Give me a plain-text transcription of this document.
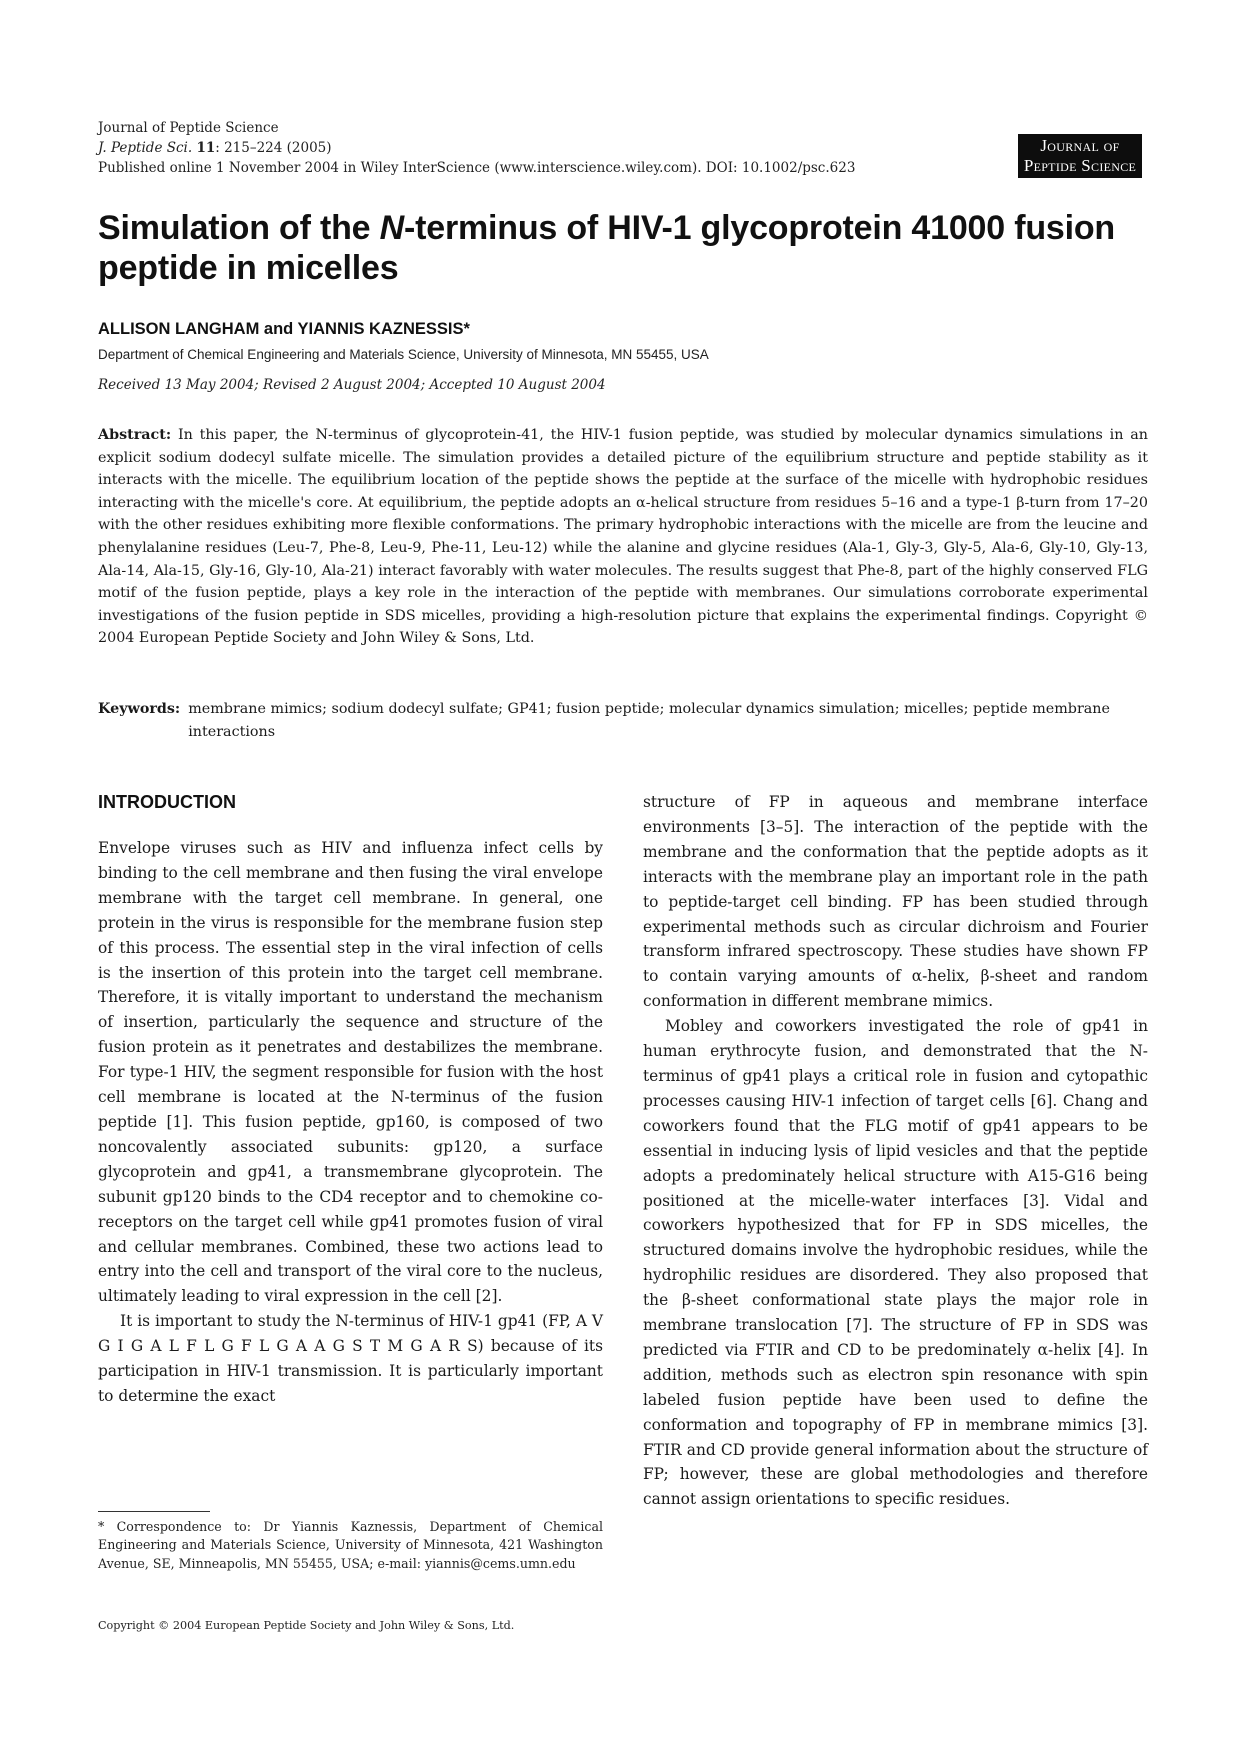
Journal of Peptide Science
J. Peptide Sci. 11: 215–224 (2005)
Published online 1 November 2004 in Wiley InterScience (www.interscience.wiley.com). DOI: 10.1002/psc.623
Journal of
Peptide Science
Simulation of the N-terminus of HIV-1 glycoprotein 41000 fusion peptide in micelles
ALLISON LANGHAM and YIANNIS KAZNESSIS*
Department of Chemical Engineering and Materials Science, University of Minnesota, MN 55455, USA
Received 13 May 2004; Revised 2 August 2004; Accepted 10 August 2004
Abstract: In this paper, the N-terminus of glycoprotein-41, the HIV-1 fusion peptide, was studied by molecular dynamics simulations in an explicit sodium dodecyl sulfate micelle. The simulation provides a detailed picture of the equilibrium structure and peptide stability as it interacts with the micelle. The equilibrium location of the peptide shows the peptide at the surface of the micelle with hydrophobic residues interacting with the micelle's core. At equilibrium, the peptide adopts an α-helical structure from residues 5–16 and a type-1 β-turn from 17–20 with the other residues exhibiting more flexible conformations. The primary hydrophobic interactions with the micelle are from the leucine and phenylalanine residues (Leu-7, Phe-8, Leu-9, Phe-11, Leu-12) while the alanine and glycine residues (Ala-1, Gly-3, Gly-5, Ala-6, Gly-10, Gly-13, Ala-14, Ala-15, Gly-16, Gly-10, Ala-21) interact favorably with water molecules. The results suggest that Phe-8, part of the highly conserved FLG motif of the fusion peptide, plays a key role in the interaction of the peptide with membranes. Our simulations corroborate experimental investigations of the fusion peptide in SDS micelles, providing a high-resolution picture that explains the experimental findings. Copyright © 2004 European Peptide Society and John Wiley & Sons, Ltd.
Keywords: membrane mimics; sodium dodecyl sulfate; GP41; fusion peptide; molecular dynamics simulation; micelles; peptide membrane interactions
INTRODUCTION

Envelope viruses such as HIV and influenza infect cells by binding to the cell membrane and then fusing the viral envelope membrane with the target cell membrane. In general, one protein in the virus is responsible for the membrane fusion step of this process. The essential step in the viral infection of cells is the insertion of this protein into the target cell membrane. Therefore, it is vitally important to understand the mechanism of insertion, particularly the sequence and structure of the fusion protein as it penetrates and destabilizes the membrane. For type-1 HIV, the segment responsible for fusion with the host cell membrane is located at the N-terminus of the fusion peptide [1]. This fusion peptide, gp160, is composed of two noncovalently associated subunits: gp120, a surface glycoprotein and gp41, a transmembrane glycoprotein. The subunit gp120 binds to the CD4 receptor and to chemokine co-receptors on the target cell while gp41 promotes fusion of viral and cellular membranes. Combined, these two actions lead to entry into the cell and transport of the viral core to the nucleus, ultimately leading to viral expression in the cell [2].

It is important to study the N-terminus of HIV-1 gp41 (FP, A V G I G A L F L G F L G A A G S T M G A R S) because of its participation in HIV-1 transmission. It is particularly important to determine the exact

structure of FP in aqueous and membrane interface environments [3–5]. The interaction of the peptide with the membrane and the conformation that the peptide adopts as it interacts with the membrane play an important role in the path to peptide-target cell binding. FP has been studied through experimental methods such as circular dichroism and Fourier transform infrared spectroscopy. These studies have shown FP to contain varying amounts of α-helix, β-sheet and random conformation in different membrane mimics.

Mobley and coworkers investigated the role of gp41 in human erythrocyte fusion, and demonstrated that the N-terminus of gp41 plays a critical role in fusion and cytopathic processes causing HIV-1 infection of target cells [6]. Chang and coworkers found that the FLG motif of gp41 appears to be essential in inducing lysis of lipid vesicles and that the peptide adopts a predominately helical structure with A15-G16 being positioned at the micelle-water interfaces [3]. Vidal and coworkers hypothesized that for FP in SDS micelles, the structured domains involve the hydrophobic residues, while the hydrophilic residues are disordered. They also proposed that the β-sheet conformational state plays the major role in membrane translocation [7]. The structure of FP in SDS was predicted via FTIR and CD to be predominately α-helix [4]. In addition, methods such as electron spin resonance with spin labeled fusion peptide have been used to define the conformation and topography of FP in membrane mimics [3]. FTIR and CD provide general information about the structure of FP; however, these are global methodologies and therefore cannot assign orientations to specific residues.

* Correspondence to: Dr Yiannis Kaznessis, Department of Chemical Engineering and Materials Science, University of Minnesota, 421 Washington Avenue, SE, Minneapolis, MN 55455, USA; e-mail: yiannis@cems.umn.edu
Copyright © 2004 European Peptide Society and John Wiley & Sons, Ltd.
